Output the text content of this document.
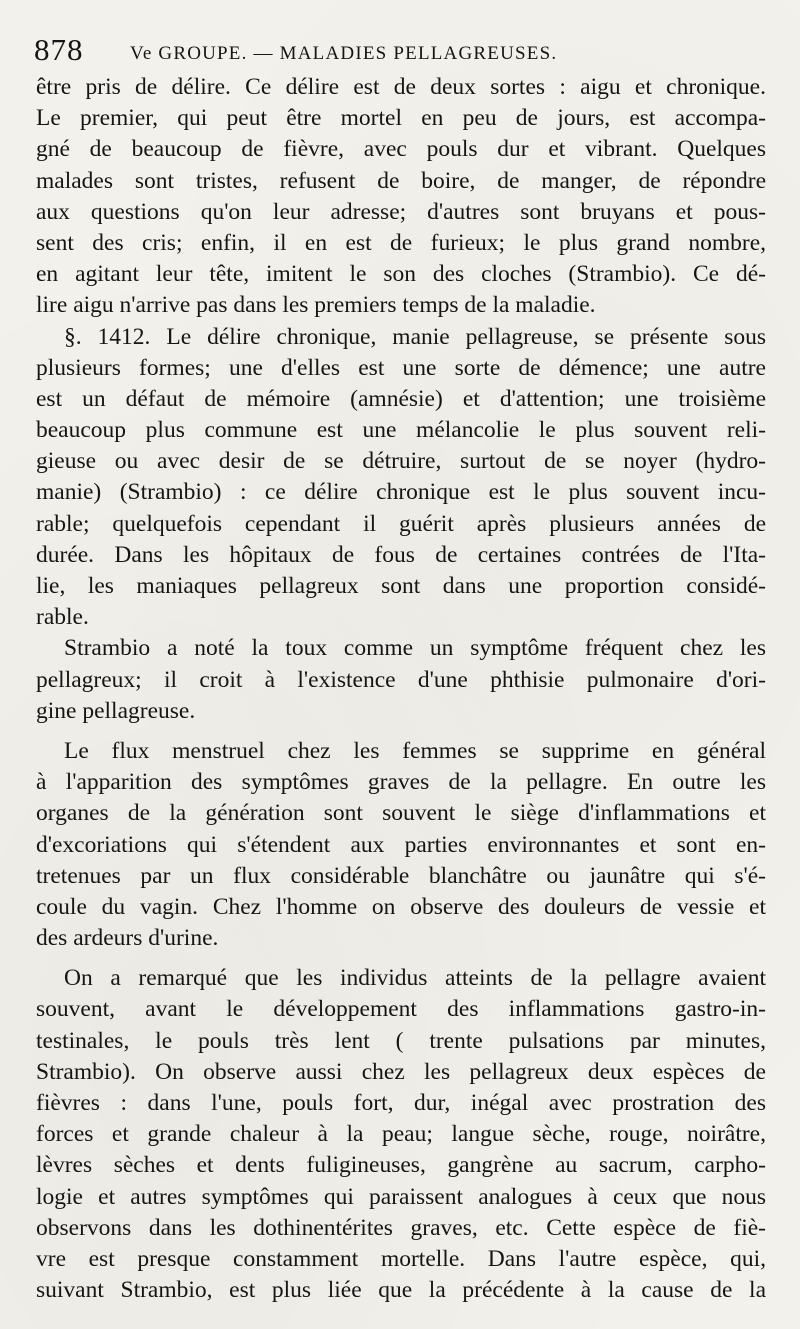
878 Ve GROUPE. — MALADIES PELLAGREUSES.
être pris de délire. Ce délire est de deux sortes : aigu et chronique.
Le premier, qui peut être mortel en peu de jours, est accompa-
gné de beaucoup de fièvre, avec pouls dur et vibrant. Quelques
malades sont tristes, refusent de boire, de manger, de répondre
aux questions qu'on leur adresse; d'autres sont bruyans et pous-
sent des cris; enfin, il en est de furieux; le plus grand nombre,
en agitant leur tête, imitent le son des cloches (Strambio). Ce dé-
lire aigu n'arrive pas dans les premiers temps de la maladie.
§. 1412. Le délire chronique, manie pellagreuse, se présente sous
plusieurs formes; une d'elles est une sorte de démence; une autre
est un défaut de mémoire (amnésie) et d'attention; une troisième
beaucoup plus commune est une mélancolie le plus souvent reli-
gieuse ou avec desir de se détruire, surtout de se noyer (hydro-
manie) (Strambio) : ce délire chronique est le plus souvent incu-
rable; quelquefois cependant il guérit après plusieurs années de
durée. Dans les hôpitaux de fous de certaines contrées de l'Ita-
lie, les maniaques pellagreux sont dans une proportion considé-
rable.
Strambio a noté la toux comme un symptôme fréquent chez les
pellagreux; il croit à l'existence d'une phthisie pulmonaire d'ori-
gine pellagreuse.
Le flux menstruel chez les femmes se supprime en général
à l'apparition des symptômes graves de la pellagre. En outre les
organes de la génération sont souvent le siège d'inflammations et
d'excoriations qui s'étendent aux parties environnantes et sont en-
tretenues par un flux considérable blanchâtre ou jaunâtre qui s'é-
coule du vagin. Chez l'homme on observe des douleurs de vessie et
des ardeurs d'urine.
On a remarqué que les individus atteints de la pellagre avaient
souvent, avant le développement des inflammations gastro-in-
testinales, le pouls très lent ( trente pulsations par minutes,
Strambio). On observe aussi chez les pellagreux deux espèces de
fièvres : dans l'une, pouls fort, dur, inégal avec prostration des
forces et grande chaleur à la peau; langue sèche, rouge, noirâtre,
lèvres sèches et dents fuligineuses, gangrène au sacrum, carpho-
logie et autres symptômes qui paraissent analogues à ceux que nous
observons dans les dothinentérites graves, etc. Cette espèce de fiè-
vre est presque constamment mortelle. Dans l'autre espèce, qui,
suivant Strambio, est plus liée que la précédente à la cause de la
